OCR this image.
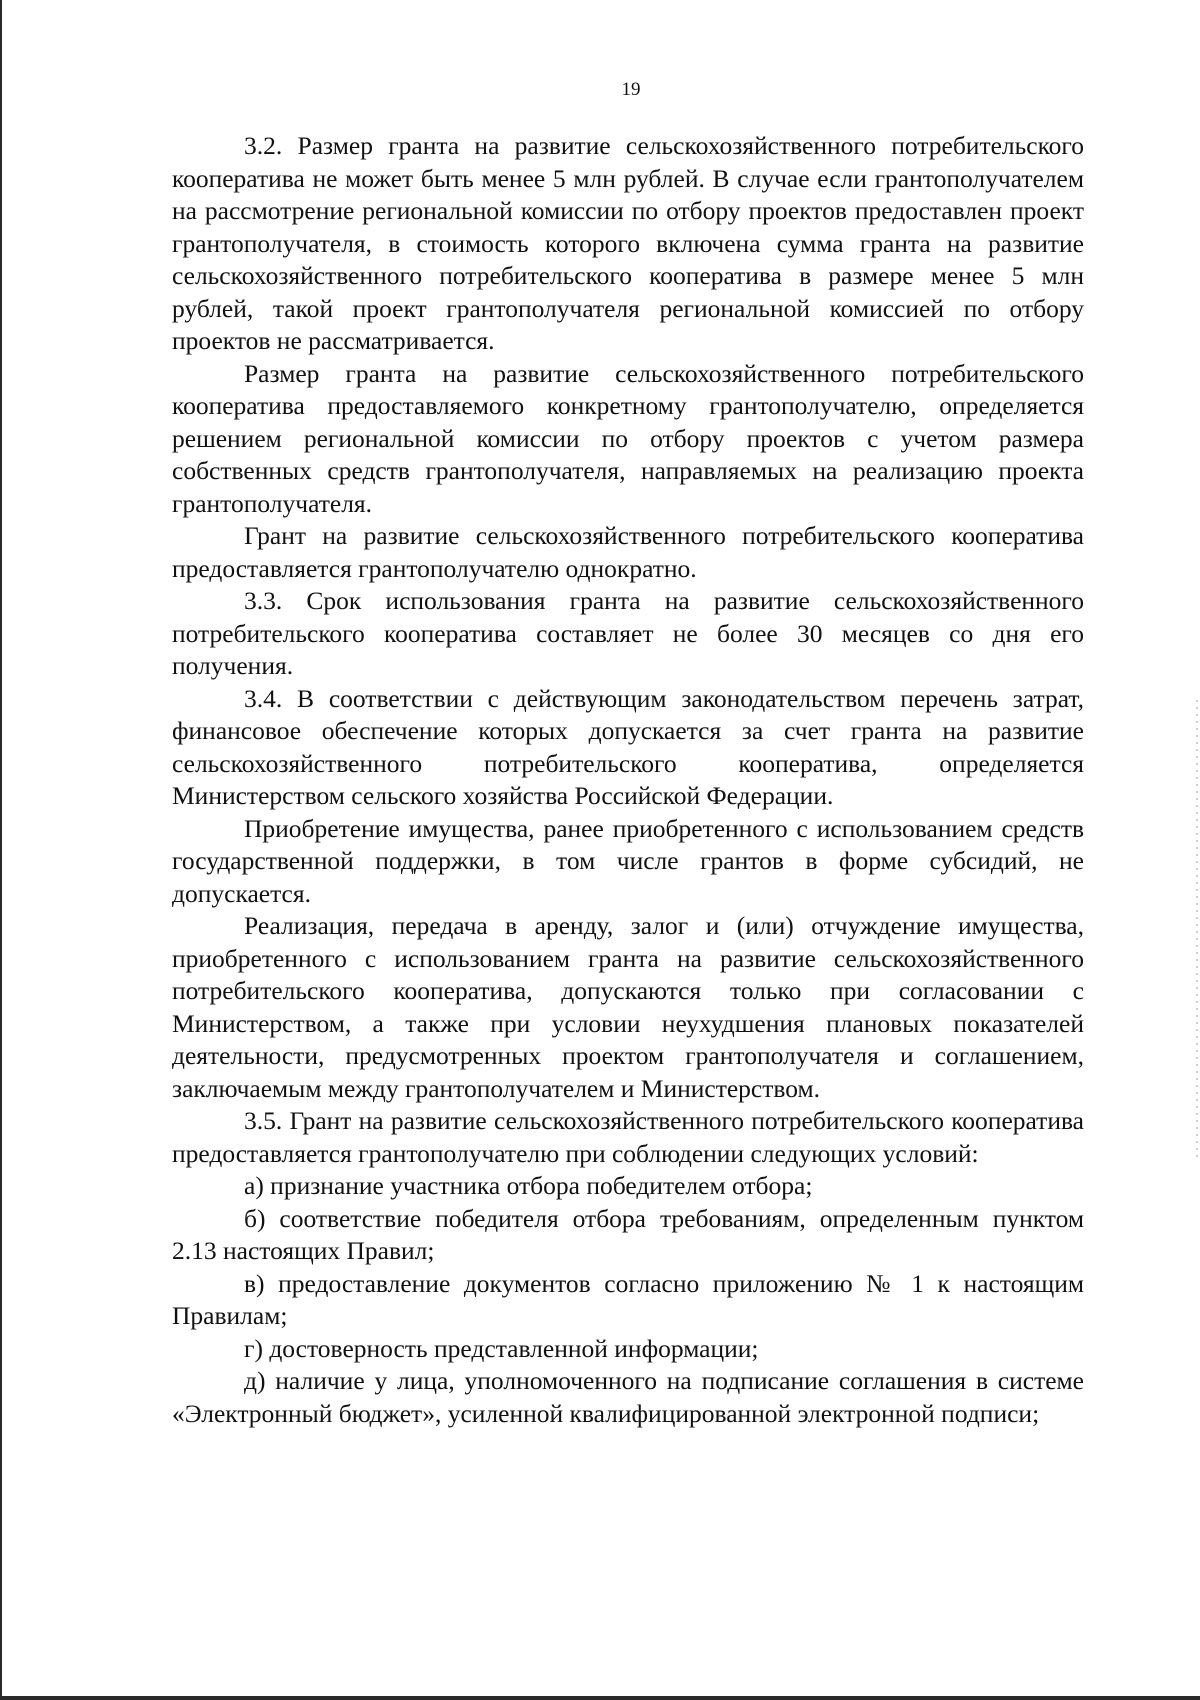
19

3.2. Размер гранта на развитие сельскохозяйственного потребительского кооператива не может быть менее 5 млн рублей. В случае если грантополучателем на рассмотрение региональной комиссии по отбору проектов предоставлен проект грантополучателя, в стоимость которого включена сумма гранта на развитие сельскохозяйственного потребительского кооператива в размере менее 5 млн рублей, такой проект грантополучателя региональной комиссией по отбору проектов не рассматривается.

Размер гранта на развитие сельскохозяйственного потребительского кооператива предоставляемого конкретному грантополучателю, определяется решением региональной комиссии по отбору проектов с учетом размера собственных средств грантополучателя, направляемых на реализацию проекта грантополучателя.

Грант на развитие сельскохозяйственного потребительского кооператива предоставляется грантополучателю однократно.

3.3. Срок использования гранта на развитие сельскохозяйственного потребительского кооператива составляет не более 30 месяцев со дня его получения.

3.4. В соответствии с действующим законодательством перечень затрат, финансовое обеспечение которых допускается за счет гранта на развитие сельскохозяйственного потребительского кооператива, определяется Министерством сельского хозяйства Российской Федерации.

Приобретение имущества, ранее приобретенного с использованием средств государственной поддержки, в том числе грантов в форме субсидий, не допускается.

Реализация, передача в аренду, залог и (или) отчуждение имущества, приобретенного с использованием гранта на развитие сельскохозяйственного потребительского кооператива, допускаются только при согласовании с Министерством, а также при условии неухудшения плановых показателей деятельности, предусмотренных проектом грантополучателя и соглашением, заключаемым между грантополучателем и Министерством.

3.5. Грант на развитие сельскохозяйственного потребительского кооператива предоставляется грантополучателю при соблюдении следующих условий:

а) признание участника отбора победителем отбора;

б) соответствие победителя отбора требованиям, определенным пунктом 2.13 настоящих Правил;

в) предоставление документов согласно приложению № 1 к настоящим Правилам;

г) достоверность представленной информации;

д) наличие у лица, уполномоченного на подписание соглашения в системе «Электронный бюджет», усиленной квалифицированной электронной подписи;
